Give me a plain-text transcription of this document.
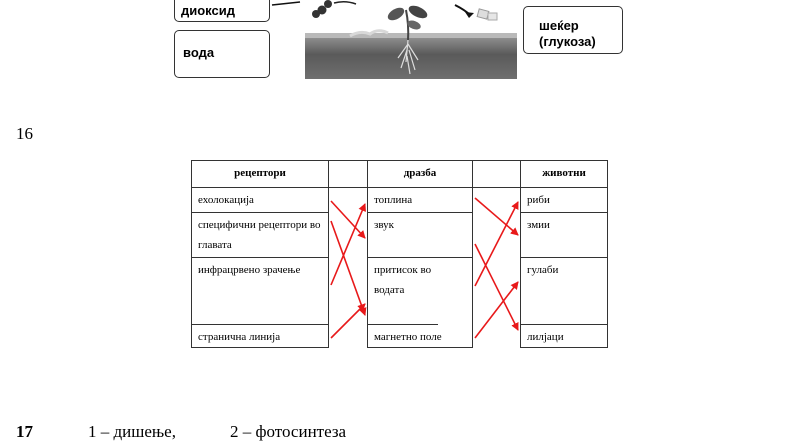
диоксид
вода
шеќер
(глукоза)
16
рецептори
ехолокација
специфични рецептори во главата
инфрацрвено зрачење
странична линија
дразба
топлина
звук
притисок во водата
магнетно поле
животни
риби
змии
гулаби
лилјаци
17	1 – дишење,	2 – фотосинтеза
